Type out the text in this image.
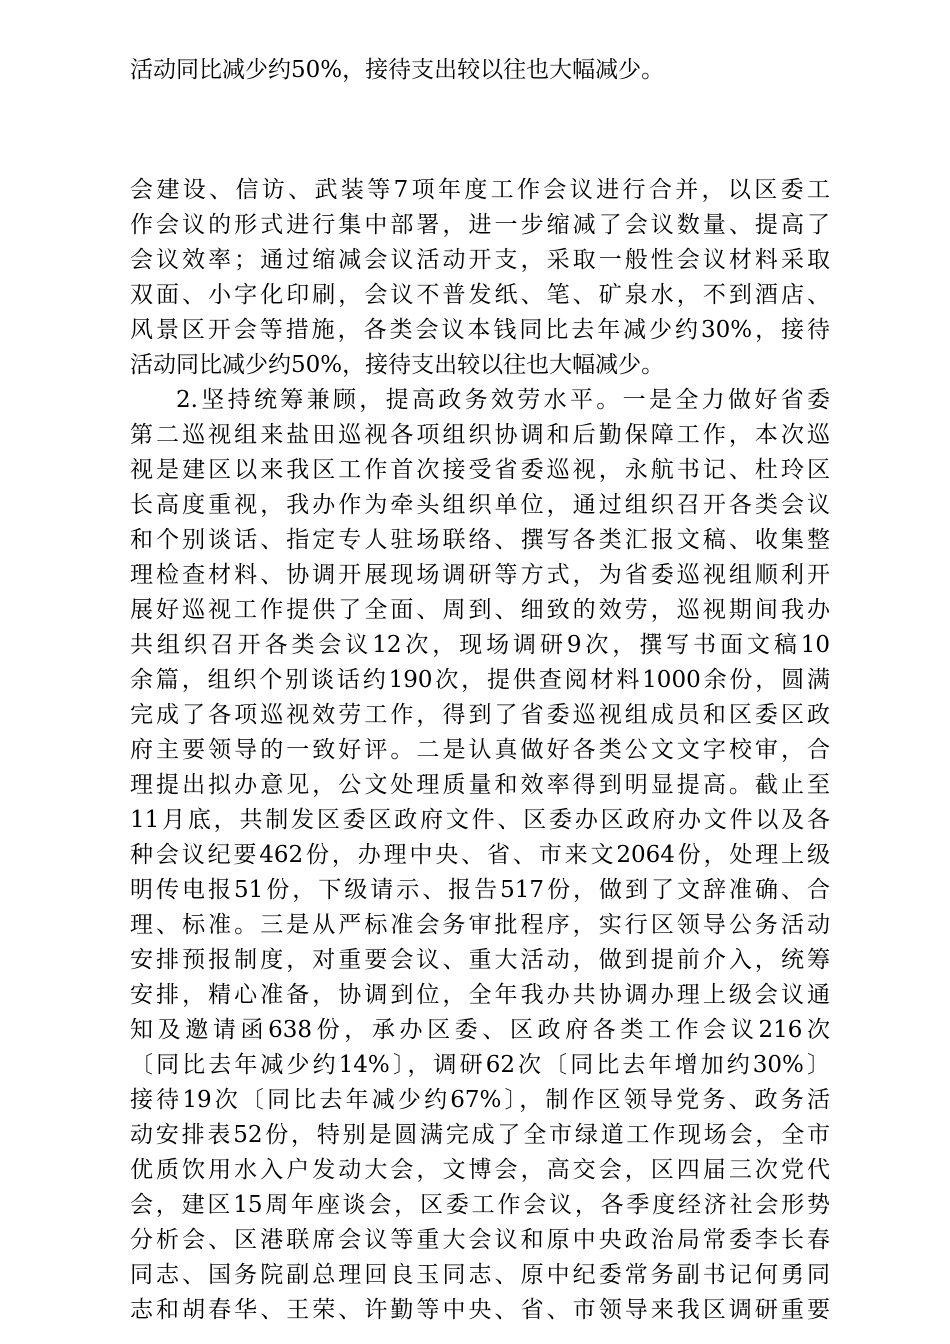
活动同比减少约50%，接待支出较以往也大幅减少。
会建设、信访、武装等7项年度工作会议进行合并，以区委工
作会议的形式进行集中部署，进一步缩减了会议数量、提高了
会议效率；通过缩减会议活动开支，采取一般性会议材料采取
双面、小字化印刷，会议不普发纸、笔、矿泉水，不到酒店、
风景区开会等措施，各类会议本钱同比去年减少约30%，接待
活动同比减少约50%，接待支出较以往也大幅减少。
2.坚持统筹兼顾，提高政务效劳水平。一是全力做好省委
第二巡视组来盐田巡视各项组织协调和后勤保障工作，本次巡
视是建区以来我区工作首次接受省委巡视，永航书记、杜玲区
长高度重视，我办作为牵头组织单位，通过组织召开各类会议
和个别谈话、指定专人驻场联络、撰写各类汇报文稿、收集整
理检查材料、协调开展现场调研等方式，为省委巡视组顺利开
展好巡视工作提供了全面、周到、细致的效劳，巡视期间我办
共组织召开各类会议12次，现场调研9次，撰写书面文稿10
余篇，组织个别谈话约190次，提供查阅材料1000余份，圆满
完成了各项巡视效劳工作，得到了省委巡视组成员和区委区政
府主要领导的一致好评。二是认真做好各类公文文字校审，合
理提出拟办意见，公文处理质量和效率得到明显提高。截止至
11月底，共制发区委区政府文件、区委办区政府办文件以及各
种会议纪要462份，办理中央、省、市来文2064份，处理上级
明传电报51份，下级请示、报告517份，做到了文辞准确、合
理、标准。三是从严标准会务审批程序，实行区领导公务活动
安排预报制度，对重要会议、重大活动，做到提前介入，统筹
安排，精心准备，协调到位，全年我办共协调办理上级会议通
知及邀请函638份，承办区委、区政府各类工作会议216次
〔同比去年减少约14%〕，调研62次〔同比去年增加约30%〕
接待19次〔同比去年减少约67%〕，制作区领导党务、政务活
动安排表52份，特别是圆满完成了全市绿道工作现场会，全市
优质饮用水入户发动大会，文博会，高交会，区四届三次党代
会，建区15周年座谈会，区委工作会议，各季度经济社会形势
分析会、区港联席会议等重大会议和原中央政治局常委李长春
同志、国务院副总理回良玉同志、原中纪委常务副书记何勇同
志和胡春华、王荣、许勤等中央、省、市领导来我区调研重要
